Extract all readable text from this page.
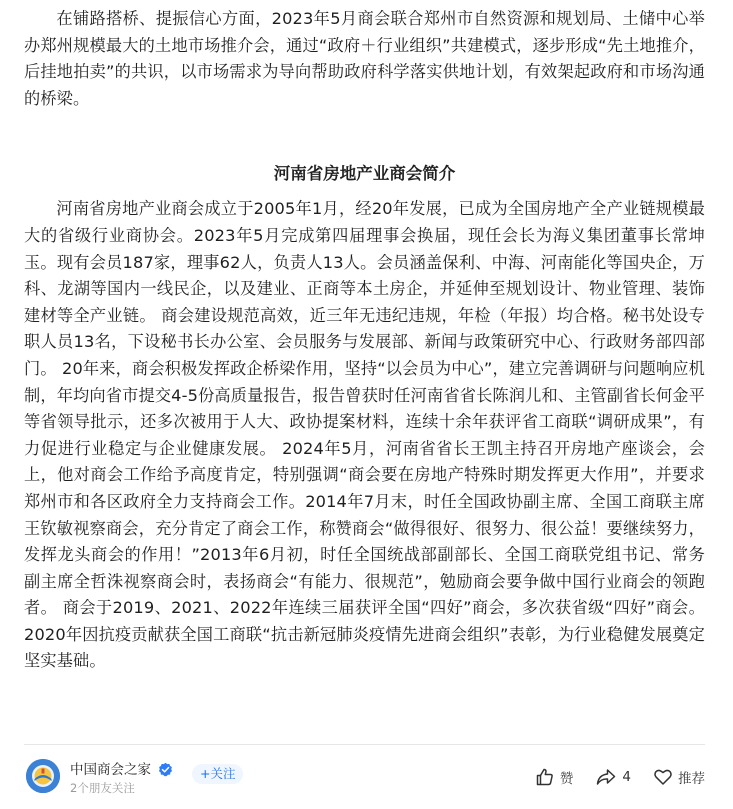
在铺路搭桥、提振信心方面，2023年5月商会联合郑州市自然资源和规划局、土储中心举办郑州规模最大的土地市场推介会，通过“政府＋行业组织”共建模式，逐步形成“先土地推介，后挂地拍卖”的共识，以市场需求为导向帮助政府科学落实供地计划，有效架起政府和市场沟通的桥梁。

河南省房地产业商会简介

河南省房地产业商会成立于2005年1月，经20年发展，已成为全国房地产全产业链规模最大的省级行业商协会。2023年5月完成第四届理事会换届，现任会长为海义集团董事长常坤玉。现有会员187家，理事62人，负责人13人。会员涵盖保利、中海、河南能化等国央企，万科、龙湖等国内一线民企，以及建业、正商等本土房企，并延伸至规划设计、物业管理、装饰建材等全产业链。 商会建设规范高效，近三年无违纪违规，年检（年报）均合格。秘书处设专职人员13名，下设秘书长办公室、会员服务与发展部、新闻与政策研究中心、行政财务部四部门。 20年来，商会积极发挥政企桥梁作用，坚持“以会员为中心”，建立完善调研与问题响应机制，年均向省市提交4-5份高质量报告，报告曾获时任河南省省长陈润儿和、主管副省长何金平等省领导批示，还多次被用于人大、政协提案材料，连续十余年获评省工商联“调研成果”，有力促进行业稳定与企业健康发展。 2024年5月，河南省省长王凯主持召开房地产座谈会，会上，他对商会工作给予高度肯定，特别强调“商会要在房地产特殊时期发挥更大作用”，并要求郑州市和各区政府全力支持商会工作。2014年7月末，时任全国政协副主席、全国工商联主席王钦敏视察商会，充分肯定了商会工作，称赞商会“做得很好、很努力、很公益！要继续努力，发挥龙头商会的作用！”2013年6月初，时任全国统战部副部长、全国工商联党组书记、常务副主席全哲洙视察商会时，表扬商会“有能力、很规范”，勉励商会要争做中国行业商会的领跑者。 商会于2019、2021、2022年连续三届获评全国“四好”商会，多次获省级“四好”商会。2020年因抗疫贡献获全国工商联“抗击新冠肺炎疫情先进商会组织”表彰，为行业稳健发展奠定坚实基础。

中国商会之家	+关注
2个朋友关注
赞	4	推荐
